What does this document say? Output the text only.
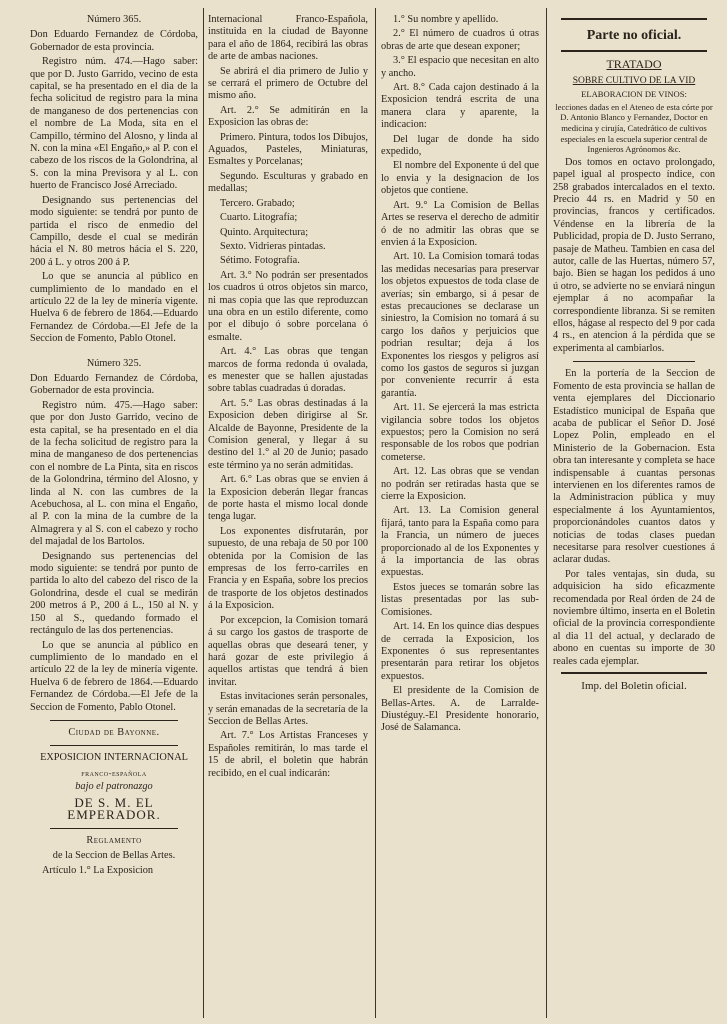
Número 365.

Don Eduardo Fernandez de Córdoba, Gobernador de esta provincia.

Registro núm. 474.—Hago saber: que por D. Justo Garrido, vecino de esta capital, se ha presentado en el dia de la fecha solicitud de registro para la mina de manganeso de dos pertenencias con el nombre de La Moda, sita en el Campillo, término del Alosno, y linda al N. con la mina «El Engaño,» al P. con el cabezo de los riscos de la Golondrina, al S. con la mina Previsora y al L. con huerto de Francisco José Arreciado.

Designando sus pertenencias del modo siguiente: se tendrá por punto de partida el risco de enmedio del Campillo, desde el cual se medirán hácia el N. 80 metros hácia el S. 220, 200 á L. y otros 200 á P.

Lo que se anuncia al público en cumplimiento de lo mandado en el artículo 22 de la ley de minería vigente. Huelva 6 de febrero de 1864.—Eduardo Fernandez de Córdoba.—El Jefe de la Seccion de Fomento, Pablo Otonel.

Número 325.

Don Eduardo Fernandez de Córdoba, Gobernador de esta provincia.

Registro núm. 475.—Hago saber: que por don Justo Garrido, vecino de esta capital, se ha presentado en el dia de la fecha solicitud de registro para la mina de manganeso de dos pertenencias con el nombre de La Pinta, sita en riscos de la Golondrina, término del Alosno, y linda al N. con las cumbres de la Acebuchosa, al L. con mina el Engaño, al P. con la mina de la cumbre de la Almagrera y al S. con el cabezo y rocho del majadal de los Bartolos.

Designando sus pertenencias del modo siguiente: se tendrá por punto de partida lo alto del cabezo del risco de la Golondrina, desde el cual se medirán 200 metros á P., 200 á L., 150 al N. y 150 al S., quedando formado el rectángulo de las dos pertenencias.

Lo que se anuncia al público en cumplimiento de lo mandado en el artículo 22 de la ley de minería vigente. Huelva 6 de febrero de 1864.—Eduardo Fernandez de Córdoba.—El Jefe de la Seccion de Fomento, Pablo Otonel.

Ciudad de Bayonne.
EXPOSICION INTERNACIONAL
franco-española
bajo el patronazgo
DE S. M. EL EMPERADOR.
Reglamento
de la Seccion de Bellas Artes.

Artículo 1.° La Exposicion

Internacional Franco-Española, instituida en la ciudad de Bayonne para el año de 1864, recibirá las obras de arte de ambas naciones.

Se abrirá el dia primero de Julio y se cerrará el primero de Octubre del mismo año.

Art. 2.° Se admitirán en la Exposicion las obras de:

Primero. Pintura, todos los Dibujos, Aguados, Pasteles, Miniaturas, Esmaltes y Porcelanas;

Segundo. Esculturas y grabado en medallas;

Tercero. Grabado;

Cuarto. Litografía;

Quinto. Arquitectura;

Sexto. Vidrieras pintadas.

Sétimo. Fotografía.

Art. 3.° No podrán ser presentados los cuadros ú otros objetos sin marco, ni mas copia que las que reproduzcan una obra en un estilo diferente, como por el dibujo ó sobre porcelana ó esmalte.

Art. 4.° Las obras que tengan marcos de forma redonda ú ovalada, es menester que se hallen ajustadas sobre tablas cuadradas ú doradas.

Art. 5.° Las obras destinadas á la Exposicion deben dirigirse al Sr. Alcalde de Bayonne, Presidente de la Comision general, y llegar á su destino del 1.° al 20 de Junio; pasado este término ya no serán admitidas.

Art. 6.° Las obras que se envien á la Exposicion deberán llegar francas de porte hasta el mismo local donde tenga lugar.

Los exponentes disfrutarán, por supuesto, de una rebaja de 50 por 100 obtenida por la Comision de las empresas de los ferro-carriles en Francia y en España, sobre los precios de trasporte de los objetos destinados á la Exposicion.

Por excepcion, la Comision tomará á su cargo los gastos de trasporte de aquellas obras que deseará tener, y hará gozar de este privilegio á aquellos artistas que tendrá á bien invitar.

Estas invitaciones serán personales, y serán emanadas de la secretaría de la Seccion de Bellas Artes.

Art. 7.° Los Artistas Franceses y Españoles remitirán, lo mas tarde el 15 de abril, el boletin que habrán recibido, en el cual indicarán:

1.° Su nombre y apellido.

2.° El número de cuadros ú otras obras de arte que desean exponer;

3.° El espacio que necesitan en alto y ancho.

Art. 8.° Cada cajon destinado á la Exposicion tendrá escrita de una manera clara y aparente, la indicacion:

Del lugar de donde ha sido expedido,

El nombre del Exponente ú del que lo envia y la designacion de los objetos que contiene.

Art. 9.° La Comision de Bellas Artes se reserva el derecho de admitir ó de no admitir las obras que se envien á la Exposicion.

Art. 10. La Comision tomará todas las medidas necesarias para preservar los objetos expuestos de toda clase de averías; sin embargo, si á pesar de estas precauciones se declarase un siniestro, la Comision no tomará á su cargo los daños y perjuicios que podrian resultar; deja á los Exponentes los riesgos y peligros así como los gastos de seguros si juzgan por conveniente recurrir á esta garantía.

Art. 11. Se ejercerá la mas estricta vigilancia sobre todos los objetos expuestos; pero la Comision no será responsable de los robos que podrian cometerse.

Art. 12. Las obras que se vendan no podrán ser retiradas hasta que se cierre la Exposicion.

Art. 13. La Comision general fijará, tanto para la España como para la Francia, un número de jueces proporcionado al de los Exponentes y á la importancia de las obras expuestas.

Estos jueces se tomarán sobre las listas presentadas por las sub-Comisiones.

Art. 14. En los quince dias despues de cerrada la Exposicion, los Exponentes ó sus representantes presentarán para retirar los objetos expuestos.

El presidente de la Comision de Bellas-Artes. A. de Larralde-Diustéguy.-El Presidente honorario, José de Salamanca.

Parte no oficial.
TRATADO
SOBRE CULTIVO DE LA VID
ELABORACION DE VINOS:

lecciones dadas en el Ateneo de esta córte por D. Antonio Blanco y Fernandez, Doctor en medicina y cirujía, Catedrático de cultivos especiales en la escuela superior central de Ingenieros Agrónomos &c.

Dos tomos en octavo prolongado, papel igual al prospecto índice, con 258 grabados intercalados en el texto. Precio 44 rs. en Madrid y 50 en provincias, francos y certificados. Véndense en la librería de la Publicidad, propia de D. Justo Serrano, pasaje de Matheu. Tambien en casa del autor, calle de las Huertas, número 57, bajo. Bien se hagan los pedidos á uno ú otro, se advierte no se enviará ningun ejemplar á no acompañar la correspondiente libranza. Si se remiten ellos, hágase al respecto del 9 por cada 4 rs., en atencion á la pérdida que se experimenta al cambiarlos.

En la portería de la Seccion de Fomento de esta provincia se hallan de venta ejemplares del Diccionario Estadístico municipal de España que acaba de publicar el Señor D. José Lopez Polin, empleado en el Ministerio de la Gobernacion. Esta obra tan interesante y completa se hace indispensable á cuantas personas intervienen en los diferentes ramos de la Administracion pública y muy especialmente á los Ayuntamientos, proporcionándoles cuantos datos y noticias de todas clases puedan necesitarse para resolver cuestiones á aclarar dudas.

Por tales ventajas, sin duda, su adquisicion ha sido eficazmente recomendada por Real órden de 24 de noviembre último, inserta en el Boletin oficial de la provincia correspondiente al dia 11 del actual, y declarado de abono en cuentas su importe de 30 reales cada ejemplar.

Imp. del Boletin oficial.
